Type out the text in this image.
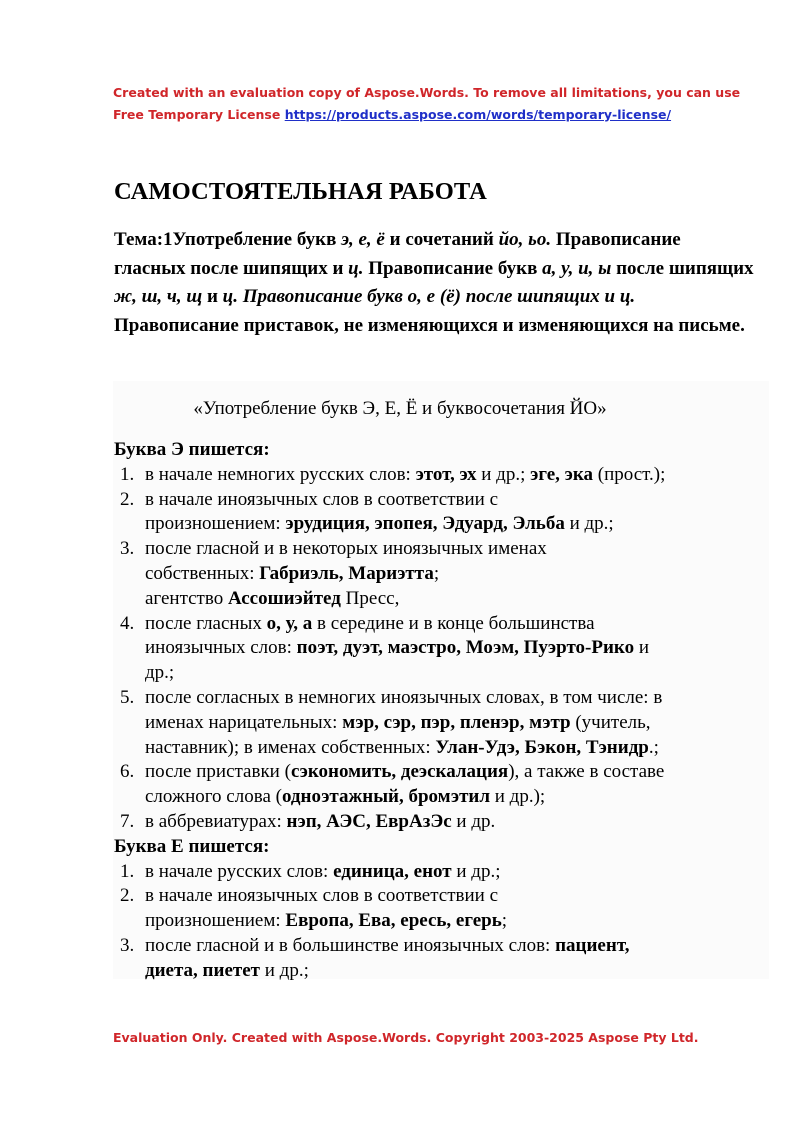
Created with an evaluation copy of Aspose.Words. To remove all limitations, you can use
Free Temporary License https://products.aspose.com/words/temporary-license/
САМОСТОЯТЕЛЬНАЯ РАБОТА
Тема:1Употребление букв э, е, ё и сочетаний йо, ьо. Правописание гласных после шипящих и ц. Правописание букв а, у, и, ы после шипящих ж, ш, ч, щ и ц. Правописание букв о, е (ё) после шипящих и ц. Правописание приставок, не изменяющихся и изменяющихся на письме.
«Употребление букв Э, Е, Ё и буквосочетания ЙО»
Буква Э пишется:
1. в начале немногих русских слов: этот, эх и др.; эге, эка (прост.);
2. в начале иноязычных слов в соответствии с
произношением: эрудиция, эпопея, Эдуард, Эльба и др.;
3. после гласной и в некоторых иноязычных именах
собственных: Габриэль, Мариэтта;
агентство Ассошиэйтед Пресс,
4. после гласных о, у, а в середине и в конце большинства
иноязычных слов: поэт, дуэт, маэстро, Моэм, Пуэрто-Рико и
др.;
5. после согласных в немногих иноязычных словах, в том числе: в
именах нарицательных: мэр, сэр, пэр, пленэр, мэтр (учитель,
наставник); в именах собственных: Улан-Удэ, Бэкон, Тэнидр.;
6. после приставки (сэкономить, деэскалация), а также в составе
сложного слова (одноэтажный, бромэтил и др.);
7. в аббревиатурах: нэп, АЭС, ЕврАзЭс и др.
Буква Е пишется:
1. в начале русских слов: единица, енот и др.;
2. в начале иноязычных слов в соответствии с
произношением: Европа, Ева, ересь, егерь;
3. после гласной и в большинстве иноязычных слов: пациент,
диета, пиетет и др.;
Evaluation Only. Created with Aspose.Words. Copyright 2003-2025 Aspose Pty Ltd.
